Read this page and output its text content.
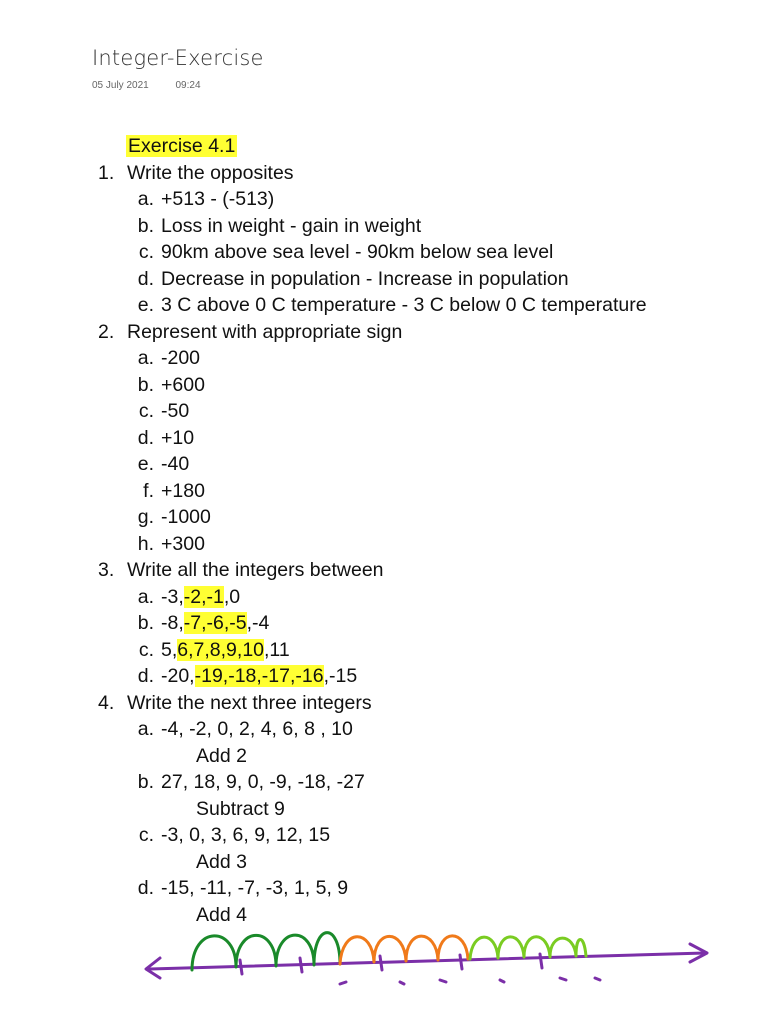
Integer-Exercise
05 July 2021	09:24
Exercise 4.1
1. Write the opposites
a. +513 - (-513)
b. Loss in weight - gain in weight
c. 90km above sea level - 90km below sea level
d. Decrease in population - Increase in population
e. 3 C above 0 C temperature - 3 C below 0 C temperature
2. Represent with appropriate sign
a. -200
b. +600
c. -50
d. +10
e. -40
f. +180
g. -1000
h. +300
3. Write all the integers between
a. -3,-2,-1,0
b. -8,-7,-6,-5,-4
c. 5,6,7,8,9,10,11
d. -20,-19,-18,-17,-16,-15
4. Write the next three integers
a. -4, -2, 0, 2, 4, 6, 8 , 10
Add 2
b. 27, 18, 9, 0, -9, -18, -27
Subtract 9
c. -3, 0, 3, 6, 9, 12, 15
Add 3
d. -15, -11, -7, -3, 1, 5, 9
Add 4
